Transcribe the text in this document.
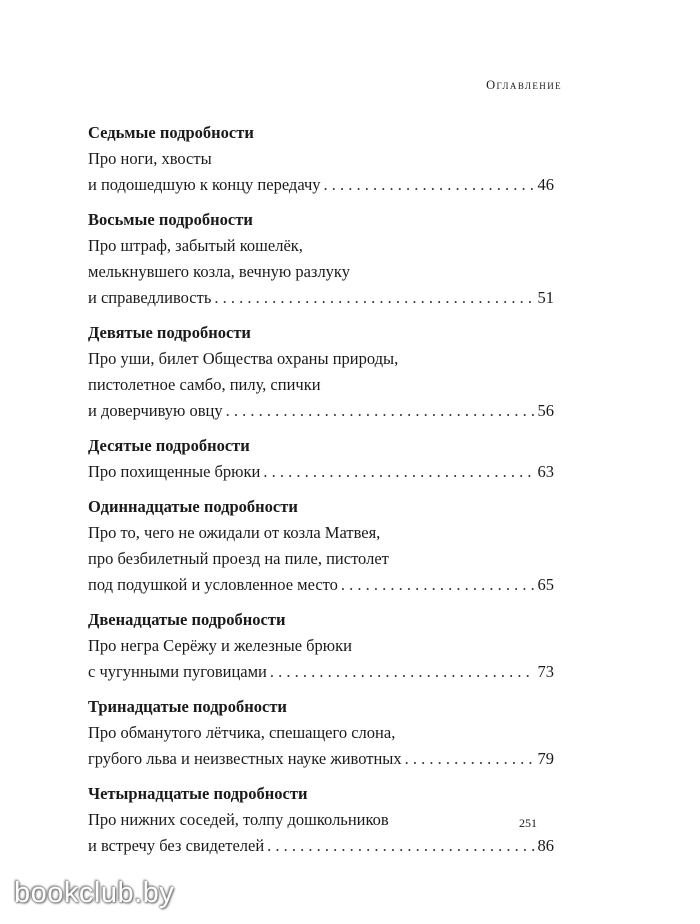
Оглавление
Седьмые подробности
Про ноги, хвосты
и подошедшую к концу передачу . . .	46
Восьмые подробности
Про штраф, забытый кошелёк,
мелькнувшего козла, вечную разлуку
и справедливость . . .	51
Девятые подробности
Про уши, билет Общества охраны природы,
пистолетное самбо, пилу, спички
и доверчивую овцу . . .	56
Десятые подробности
Про похищенные брюки . . .	63
Одиннадцатые подробности
Про то, чего не ожидали от козла Матвея,
про безбилетный проезд на пиле, пистолет
под подушкой и условленное место . . .	65
Двенадцатые подробности
Про негра Серёжу и железные брюки
с чугунными пуговицами . . .	73
Тринадцатые подробности
Про обманутого лётчика, спешащего слона,
грубого льва и неизвестных науке животных . . .	79
Четырнадцатые подробности
Про нижних соседей, толпу дошкольников
и встречу без свидетелей . . .	86
251
bookclub.by
